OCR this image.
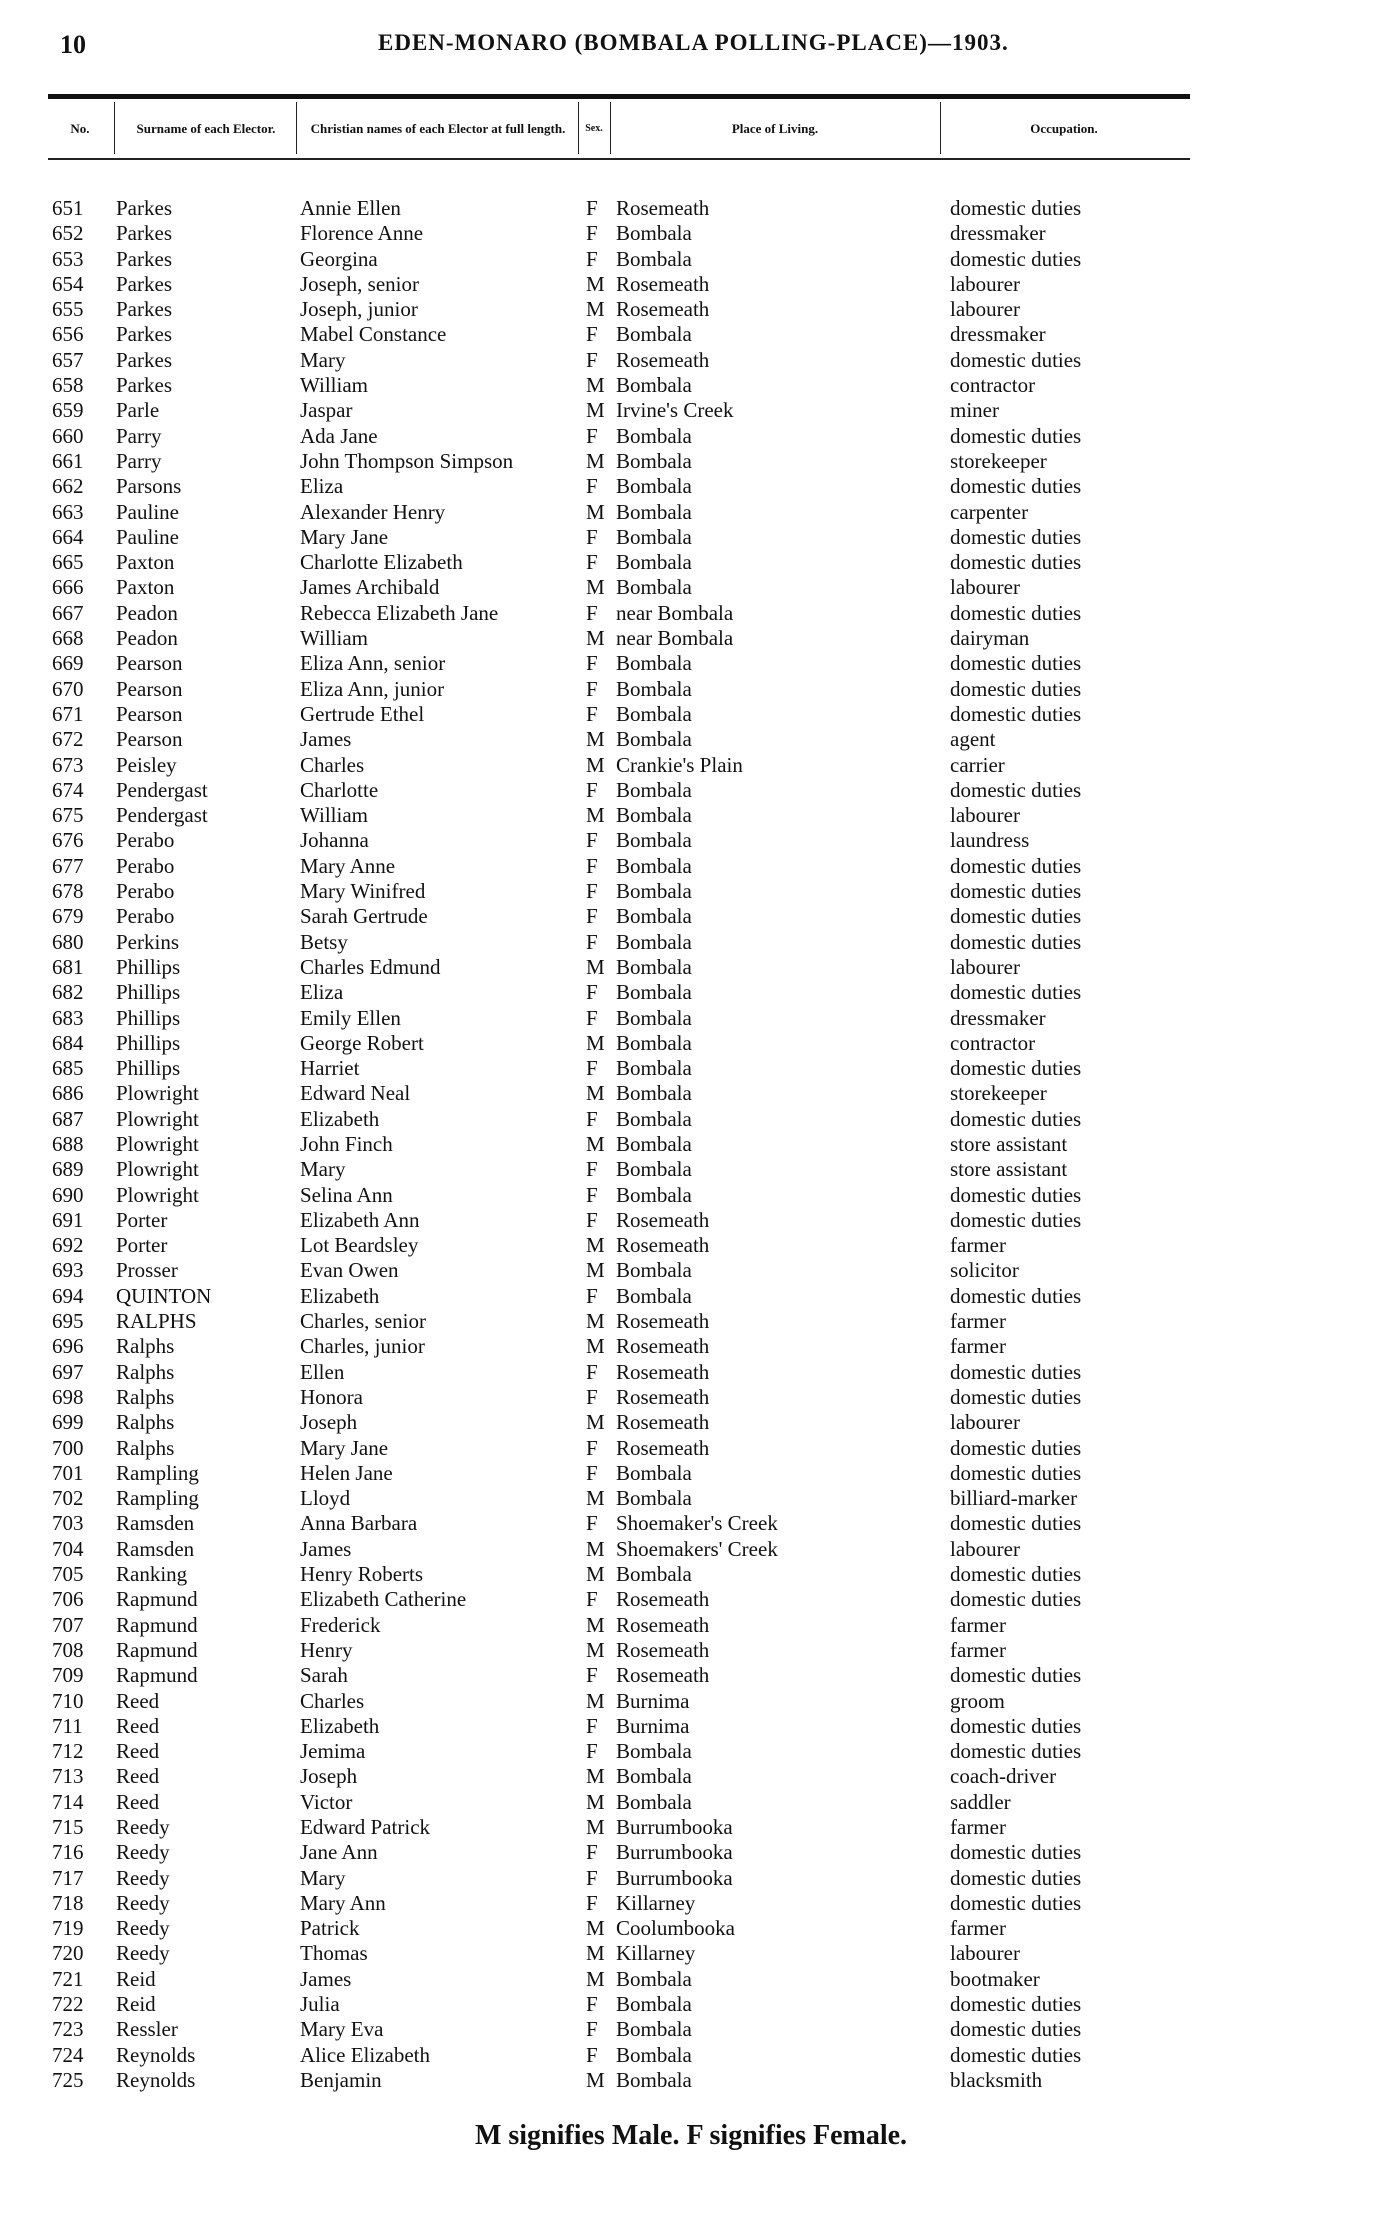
10	EDEN-MONARO (BOMBALA POLLING-PLACE)—1903.
No.	Surname of each Elector.	Christian names of each Elector at full length.	Sex.	Place of Living.	Occupation.
651	Parkes	Annie Ellen	F Rosemeath	domestic duties
652	Parkes	Florence Anne	F Bombala	dressmaker
653	Parkes	Georgina	F Bombala	domestic duties
654	Parkes	Joseph, senior	M Rosemeath	labourer
655	Parkes	Joseph, junior	M Rosemeath	labourer
656	Parkes	Mabel Constance	F Bombala	dressmaker
657	Parkes	Mary	F Rosemeath	domestic duties
658	Parkes	William	M Bombala	contractor
659	Parle	Jaspar	M Irvine's Creek	miner
660	Parry	Ada Jane	F Bombala	domestic duties
661	Parry	John Thompson Simpson	M Bombala	storekeeper
662	Parsons	Eliza	F Bombala	domestic duties
663	Pauline	Alexander Henry	M Bombala	carpenter
664	Pauline	Mary Jane	F Bombala	domestic duties
665	Paxton	Charlotte Elizabeth	F Bombala	domestic duties
666	Paxton	James Archibald	M Bombala	labourer
667	Peadon	Rebecca Elizabeth Jane	F near Bombala	domestic duties
668	Peadon	William	M near Bombala	dairyman
669	Pearson	Eliza Ann, senior	F Bombala	domestic duties
670	Pearson	Eliza Ann, junior	F Bombala	domestic duties
671	Pearson	Gertrude Ethel	F Bombala	domestic duties
672	Pearson	James	M Bombala	agent
673	Peisley	Charles	M Crankie's Plain	carrier
674	Pendergast	Charlotte	F Bombala	domestic duties
675	Pendergast	William	M Bombala	labourer
676	Perabo	Johanna	F Bombala	laundress
677	Perabo	Mary Anne	F Bombala	domestic duties
678	Perabo	Mary Winifred	F Bombala	domestic duties
679	Perabo	Sarah Gertrude	F Bombala	domestic duties
680	Perkins	Betsy	F Bombala	domestic duties
681	Phillips	Charles Edmund	M Bombala	labourer
682	Phillips	Eliza	F Bombala	domestic duties
683	Phillips	Emily Ellen	F Bombala	dressmaker
684	Phillips	George Robert	M Bombala	contractor
685	Phillips	Harriet	F Bombala	domestic duties
686	Plowright	Edward Neal	M Bombala	storekeeper
687	Plowright	Elizabeth	F Bombala	domestic duties
688	Plowright	John Finch	M Bombala	store assistant
689	Plowright	Mary	F Bombala	store assistant
690	Plowright	Selina Ann	F Bombala	domestic duties
691	Porter	Elizabeth Ann	F Rosemeath	domestic duties
692	Porter	Lot Beardsley	M Rosemeath	farmer
693	Prosser	Evan Owen	M Bombala	solicitor
694	QUINTON	Elizabeth	F Bombala	domestic duties
695	RALPHS	Charles, senior	M Rosemeath	farmer
696	Ralphs	Charles, junior	M Rosemeath	farmer
697	Ralphs	Ellen	F Rosemeath	domestic duties
698	Ralphs	Honora	F Rosemeath	domestic duties
699	Ralphs	Joseph	M Rosemeath	labourer
700	Ralphs	Mary Jane	F Rosemeath	domestic duties
701	Rampling	Helen Jane	F Bombala	domestic duties
702	Rampling	Lloyd	M Bombala	billiard-marker
703	Ramsden	Anna Barbara	F Shoemaker's Creek	domestic duties
704	Ramsden	James	M Shoemakers' Creek	labourer
705	Ranking	Henry Roberts	M Bombala	domestic duties
706	Rapmund	Elizabeth Catherine	F Rosemeath	domestic duties
707	Rapmund	Frederick	M Rosemeath	farmer
708	Rapmund	Henry	M Rosemeath	farmer
709	Rapmund	Sarah	F Rosemeath	domestic duties
710	Reed	Charles	M Burnima	groom
711	Reed	Elizabeth	F Burnima	domestic duties
712	Reed	Jemima	F Bombala	domestic duties
713	Reed	Joseph	M Bombala	coach-driver
714	Reed	Victor	M Bombala	saddler
715	Reedy	Edward Patrick	M Burrumbooka	farmer
716	Reedy	Jane Ann	F Burrumbooka	domestic duties
717	Reedy	Mary	F Burrumbooka	domestic duties
718	Reedy	Mary Ann	F Killarney	domestic duties
719	Reedy	Patrick	M Coolumbooka	farmer
720	Reedy	Thomas	M Killarney	labourer
721	Reid	James	M Bombala	bootmaker
722	Reid	Julia	F Bombala	domestic duties
723	Ressler	Mary Eva	F Bombala	domestic duties
724	Reynolds	Alice Elizabeth	F Bombala	domestic duties
725	Reynolds	Benjamin	M Bombala	blacksmith
M signifies Male. F signifies Female.
